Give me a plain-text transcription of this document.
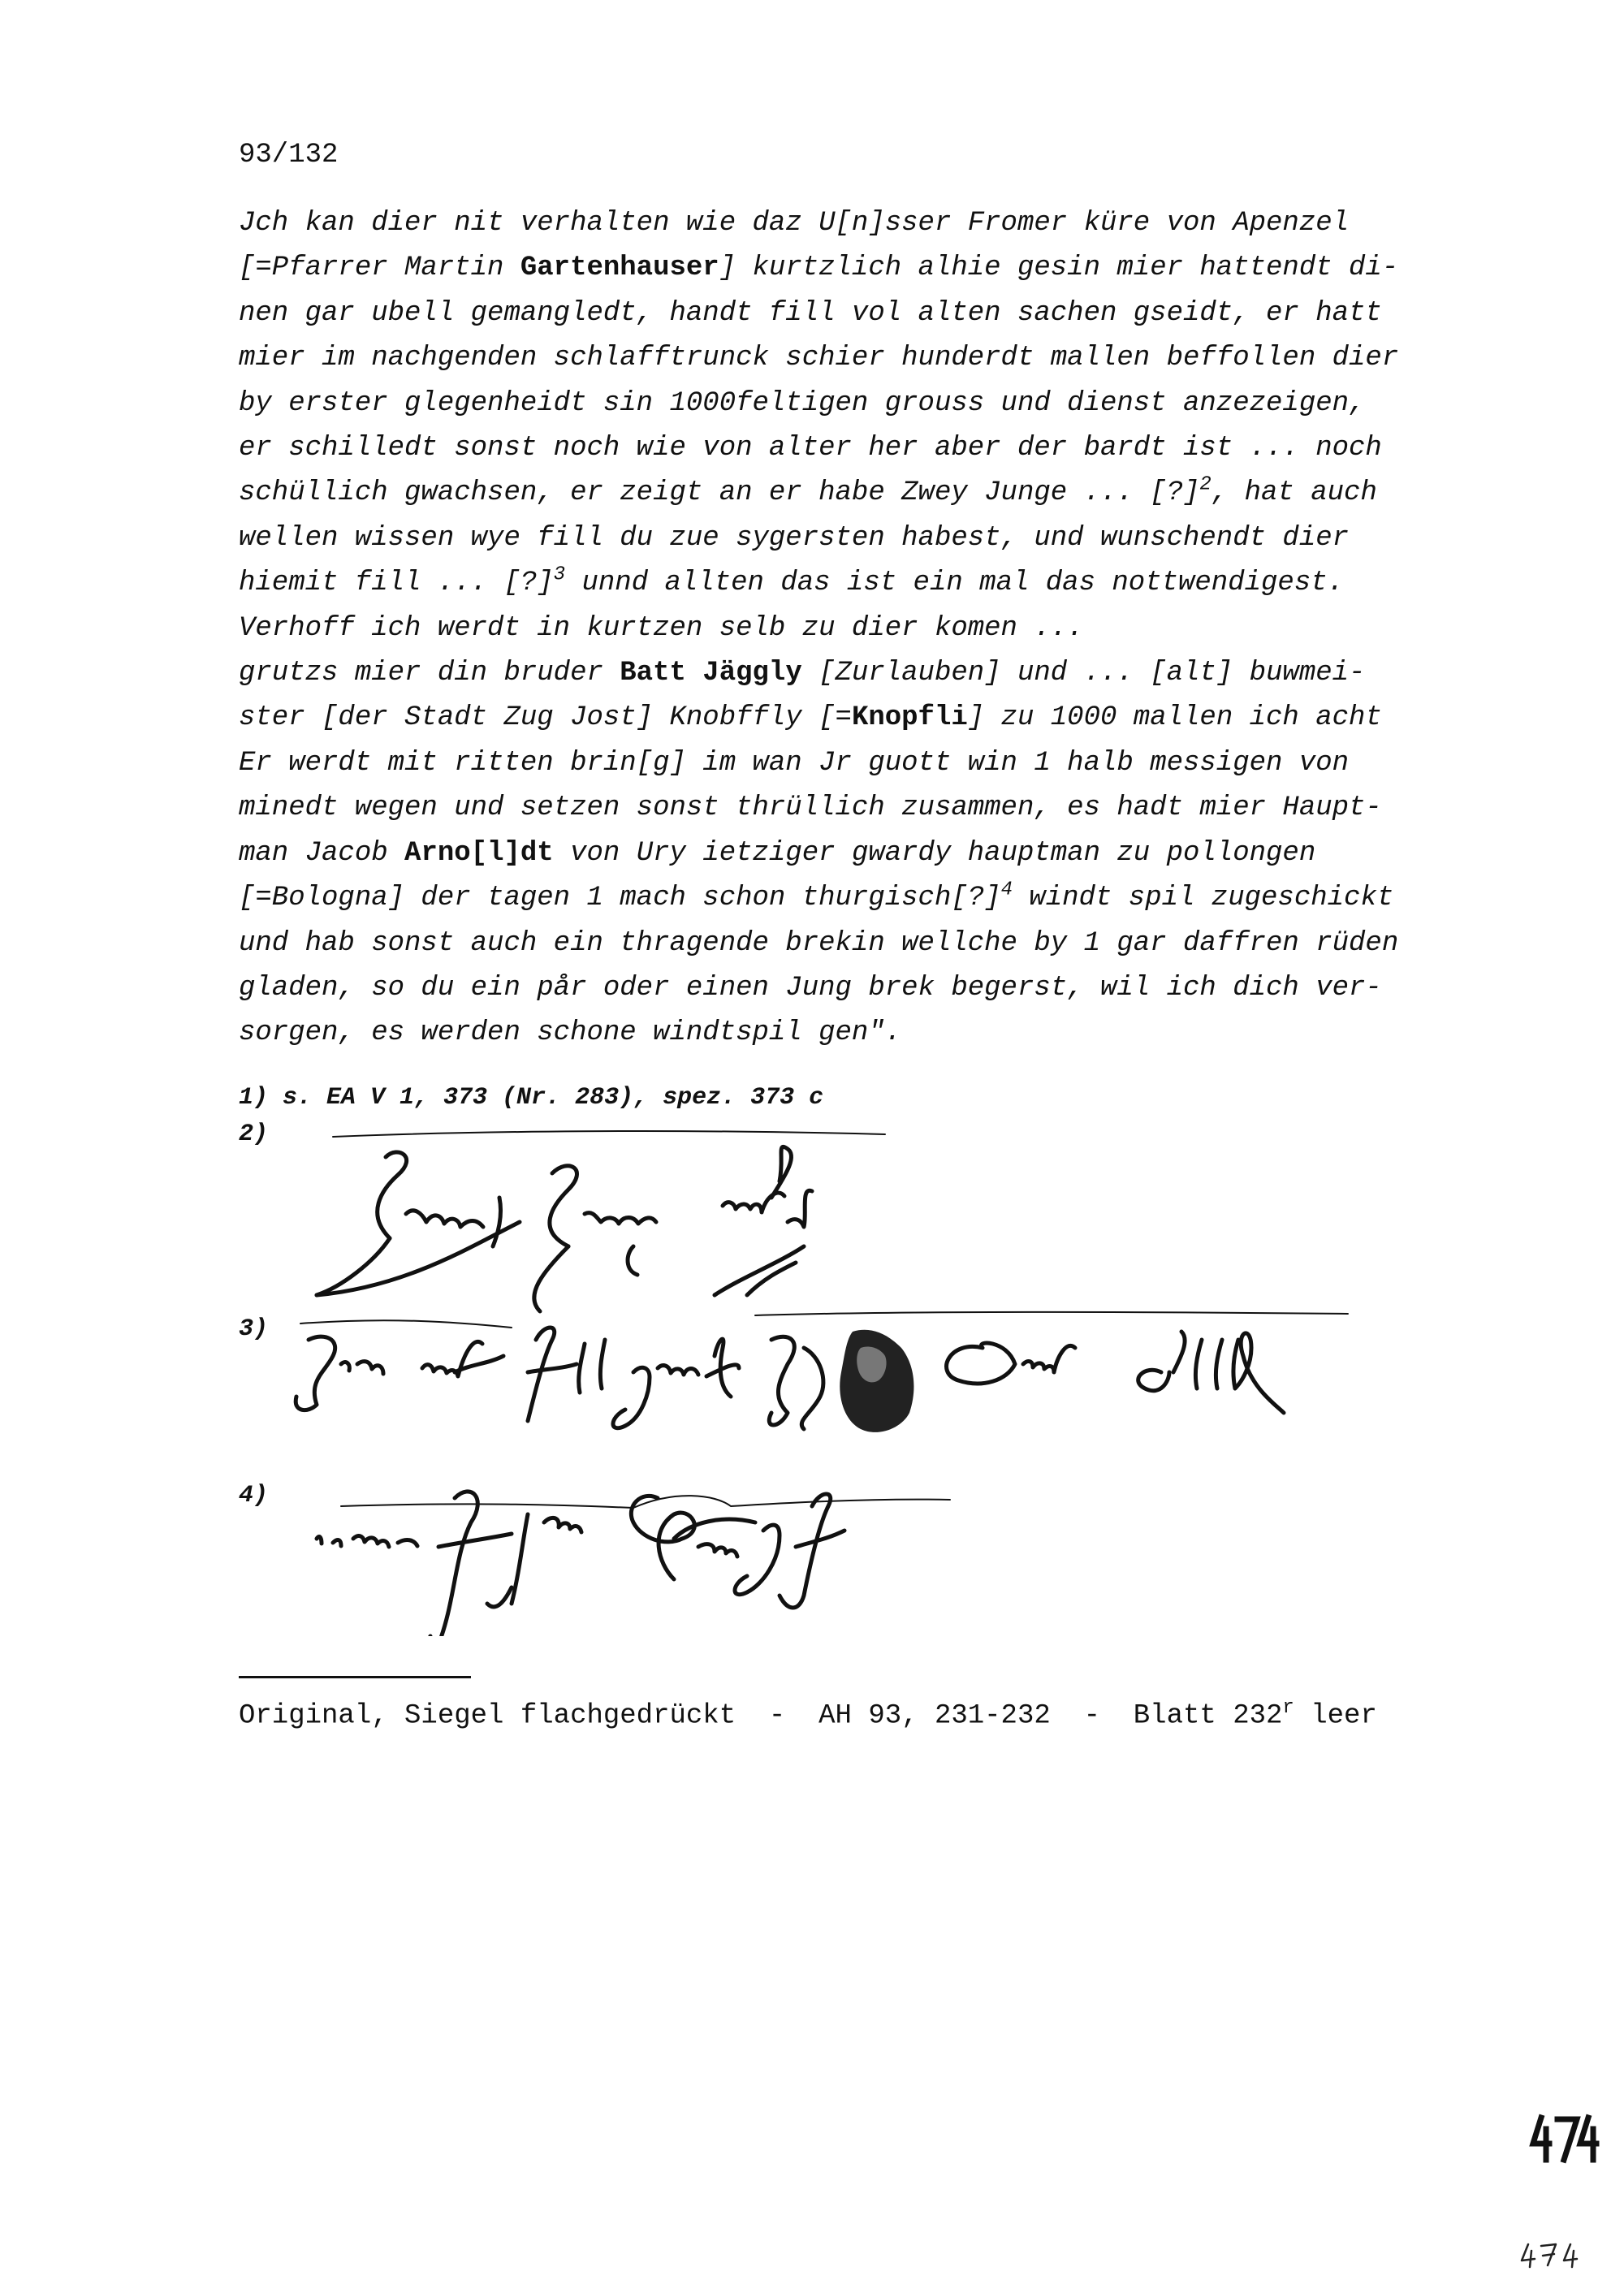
93/132
Jch kan dier nit verhalten wie daz U[n]sser Fromer küre von Apenzel
[=Pfarrer Martin Gartenhauser] kurtzlich alhie gesin mier hattendt di-
nen gar ubell gemangledt, handt fill vol alten sachen gseidt, er hatt
mier im nachgenden schlafftrunck schier hunderdt mallen beffollen dier
by erster glegenheidt sin 1000feltigen grouss und dienst anzezeigen,
er schilledt sonst noch wie von alter her aber der bardt ist ... noch
schüllich gwachsen, er zeigt an er habe Zwey Junge ... [?]$^2$, hat auch
wellen wissen wye fill du zue sygersten habest, und wunschendt dier
hiemit fill ... [?]$^3$ unnd allten das ist ein mal das nottwendigest.
Verhoff ich werdt in kurtzen selb zu dier komen ...
grutzs mier din bruder Batt Jäggly [Zurlauben] und ... [alt] buwmei-
ster [der Stadt Zug Jost] Knobffly [=Knopfli] zu 1000 mallen ich acht
Er werdt mit ritten brin[g] im wan Jr guott win 1 halb messigen von
minedt wegen und setzen sonst thrüllich zusammen, es hadt mier Haupt-
man Jacob Arno[l]dt von Ury ietziger gwardy hauptman zu pollongen
[=Bologna] der tagen 1 mach schon thurgisch[?]$^4$ windt spil zugeschickt
und hab sonst auch ein thragende brekin wellche by 1 gar daffren rüden
gladen, so du ein pår oder einen Jung brek begerst, wil ich dich ver-
sorgen, es werden schone windtspil gen".
1) s. EA V 1, 373 (Nr. 283), spez. 373 c
2)
3)
4)
Original, Siegel flachgedrückt  -  AH 93, 231-232  -  Blatt 232$^r$ leer
